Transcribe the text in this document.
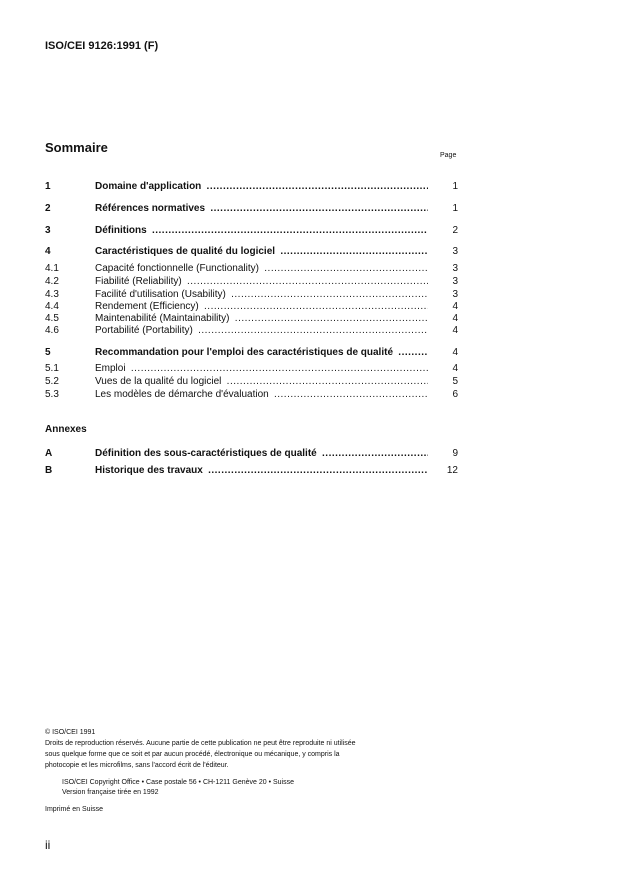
ISO/CEI 9126:1991 (F)
Sommaire
Page
1	Domaine d'application .....	1
2	Références normatives .....	1
3	Définitions .....	2
4	Caractéristiques de qualité du logiciel .....	3
4.1	Capacité fonctionnelle (Functionality) .....	3
4.2	Fiabilité (Reliability) .....	3
4.3	Facilité d'utilisation (Usability) .....	3
4.4	Rendement (Efficiency) .....	4
4.5	Maintenabilité (Maintainability) .....	4
4.6	Portabilité (Portability) .....	4
5	Recommandation pour l'emploi des caractéristiques de qualité .....	4
5.1	Emploi .....	4
5.2	Vues de la qualité du logiciel .....	5
5.3	Les modèles de démarche d'évaluation .....	6
Annexes
A	Définition des sous-caractéristiques de qualité .....	9
B	Historique des travaux .....	12
© ISO/CEI 1991
Droits de reproduction réservés. Aucune partie de cette publication ne peut être reproduite ni utilisée
sous quelque forme que ce soit et par aucun procédé, électronique ou mécanique, y compris la
photocopie et les microfilms, sans l'accord écrit de l'éditeur.
ISO/CEI Copyright Office • Case postale 56 • CH-1211 Genève 20 • Suisse
Version française tirée en 1992
Imprimé en Suisse
ii
